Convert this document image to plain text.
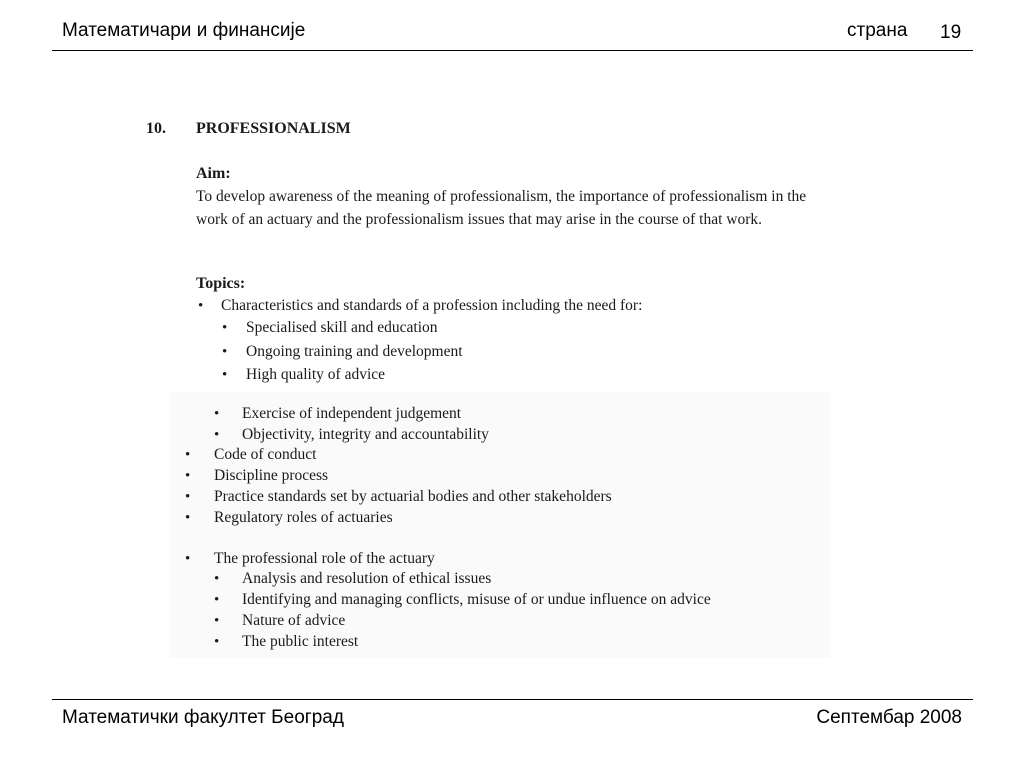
Математичари и финансије	страна 19
10. PROFESSIONALISM
Aim:

To develop awareness of the meaning of professionalism, the importance of professionalism in the work of an actuary and the professionalism issues that may arise in the course of that work.

Topics:
• Characteristics and standards of a profession including the need for:
• Specialised skill and education
• Ongoing training and development
• High quality of advice
• Exercise of independent judgement
• Objectivity, integrity and accountability
• Code of conduct
• Discipline process
• Practice standards set by actuarial bodies and other stakeholders
• Regulatory roles of actuaries
• The professional role of the actuary
• Analysis and resolution of ethical issues
• Identifying and managing conflicts, misuse of or undue influence on advice
• Nature of advice
• The public interest
Математички факултет Београд	Септембар 2008
